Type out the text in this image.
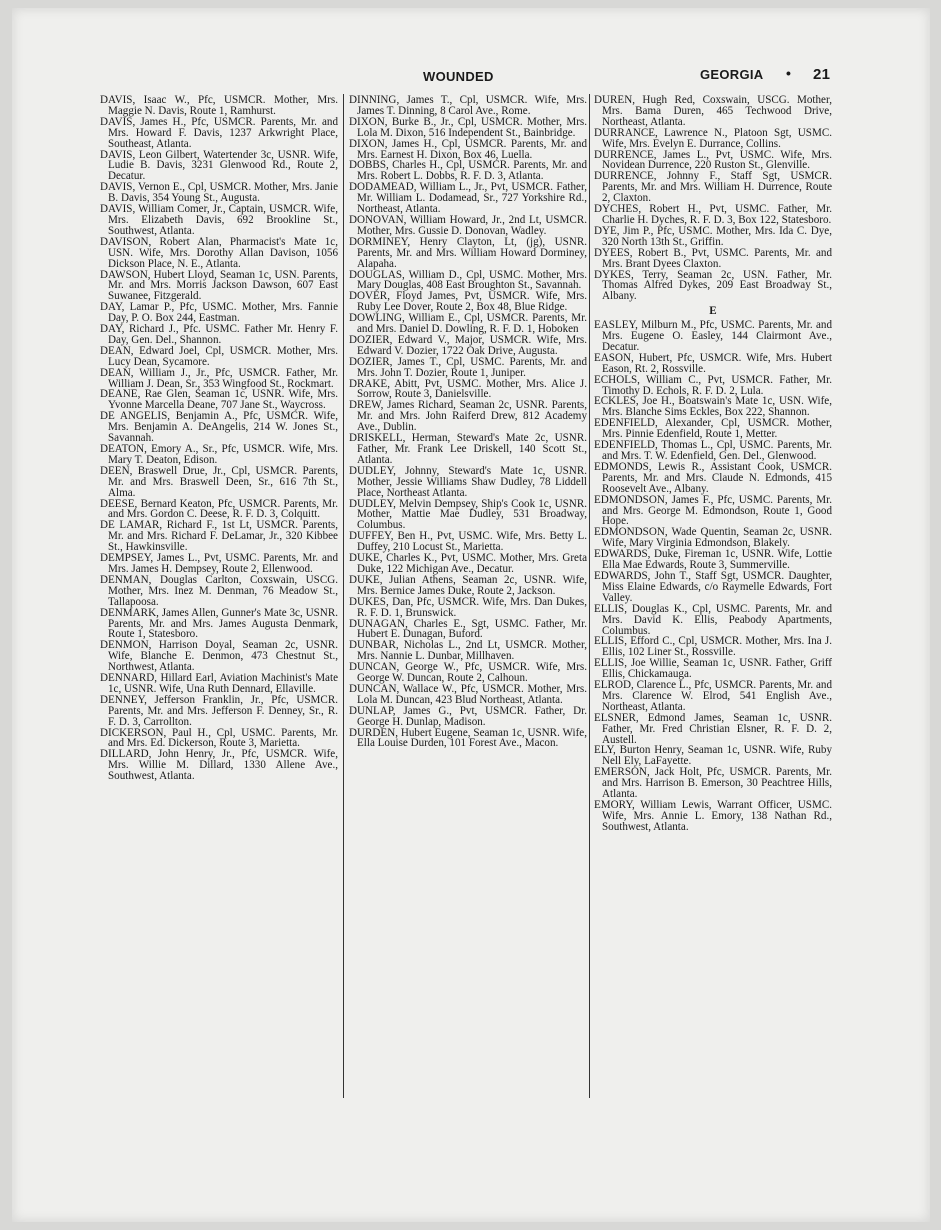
WOUNDED	GEORGIA • 21

DAVIS, Isaac W., Pfc, USMCR. Mother, Mrs. Maggie N. Davis, Route 1, Ramhurst.

DAVIS, James H., Pfc, USMCR. Parents, Mr. and Mrs. Howard F. Davis, 1237 Arkwright Place, Southeast, Atlanta.

DAVIS, Leon Gilbert, Watertender 3c, USNR. Wife, Ludie B. Davis, 3231 Glenwood Rd., Route 2, Decatur.

DAVIS, Vernon E., Cpl, USMCR. Mother, Mrs. Janie B. Davis, 354 Young St., Augusta.

DAVIS, William Comer, Jr., Captain, USMCR. Wife, Mrs. Elizabeth Davis, 692 Brookline St., Southwest, Atlanta.

DAVISON, Robert Alan, Pharmacist's Mate 1c, USN. Wife, Mrs. Dorothy Allan Davison, 1056 Dickson Place, N. E., Atlanta.

DAWSON, Hubert Lloyd, Seaman 1c, USN. Parents, Mr. and Mrs. Morris Jackson Dawson, 607 East Suwanee, Fitzgerald.

DAY, Lamar P., Pfc, USMC. Mother, Mrs. Fannie Day, P. O. Box 244, Eastman.

DAY, Richard J., Pfc. USMC. Father Mr. Henry F. Day, Gen. Del., Shannon.

DEAN, Edward Joel, Cpl, USMCR. Mother, Mrs. Lucy Dean, Sycamore.

DEAN, William J., Jr., Pfc, USMCR. Father, Mr. William J. Dean, Sr., 353 Wingfood St., Rockmart.

DEANE, Rae Glen, Seaman 1c, USNR. Wife, Mrs. Yvonne Marcella Deane, 707 Jane St., Waycross.

DE ANGELIS, Benjamin A., Pfc, USMCR. Wife, Mrs. Benjamin A. DeAngelis, 214 W. Jones St., Savannah.

DEATON, Emory A., Sr., Pfc, USMCR. Wife, Mrs. Mary T. Deaton, Edison.

DEEN, Braswell Drue, Jr., Cpl, USMCR. Parents, Mr. and Mrs. Braswell Deen, Sr., 616 7th St., Alma.

DEESE, Bernard Keaton, Pfc, USMCR. Parents, Mr. and Mrs. Gordon C. Deese, R. F. D. 3, Colquitt.

DE LAMAR, Richard F., 1st Lt, USMCR. Parents, Mr. and Mrs. Richard F. DeLamar, Jr., 320 Kibbee St., Hawkinsville.

DEMPSEY, James L., Pvt, USMC. Parents, Mr. and Mrs. James H. Dempsey, Route 2, Ellenwood.

DENMAN, Douglas Carlton, Coxswain, USCG. Mother, Mrs. Inez M. Denman, 76 Meadow St., Tallapoosa.

DENMARK, James Allen, Gunner's Mate 3c, USNR. Parents, Mr. and Mrs. James Augusta Denmark, Route 1, Statesboro.

DENMON, Harrison Doyal, Seaman 2c, USNR. Wife, Blanche E. Denmon, 473 Chestnut St., Northwest, Atlanta.

DENNARD, Hillard Earl, Aviation Machinist's Mate 1c, USNR. Wife, Una Ruth Dennard, Ellaville.

DENNEY, Jefferson Franklin, Jr., Pfc, USMCR. Parents, Mr. and Mrs. Jefferson F. Denney, Sr., R. F. D. 3, Carrollton.

DICKERSON, Paul H., Cpl, USMC. Parents, Mr. and Mrs. Ed. Dickerson, Route 3, Marietta.

DILLARD, John Henry, Jr., Pfc, USMCR. Wife, Mrs. Willie M. Dillard, 1330 Allene Ave., Southwest, Atlanta.

DINNING, James T., Cpl, USMCR. Wife, Mrs. James T. Dinning, 8 Carol Ave., Rome.

DIXON, Burke B., Jr., Cpl, USMCR. Mother, Mrs. Lola M. Dixon, 516 Independent St., Bainbridge.

DIXON, James H., Cpl, USMCR. Parents, Mr. and Mrs. Earnest H. Dixon, Box 46, Luella.

DOBBS, Charles H., Cpl, USMCR. Parents, Mr. and Mrs. Robert L. Dobbs, R. F. D. 3, Atlanta.

DODAMEAD, William L., Jr., Pvt, USMCR. Father, Mr. William L. Dodamead, Sr., 727 Yorkshire Rd., Northeast, Atlanta.

DONOVAN, William Howard, Jr., 2nd Lt, USMCR. Mother, Mrs. Gussie D. Donovan, Wadley.

DORMINEY, Henry Clayton, Lt, (jg), USNR. Parents, Mr. and Mrs. William Howard Dorminey, Alapaha.

DOUGLAS, William D., Cpl, USMC. Mother, Mrs. Mary Douglas, 408 East Broughton St., Savannah.

DOVER, Floyd James, Pvt, USMCR. Wife, Mrs. Ruby Lee Dover, Route 2, Box 48, Blue Ridge.

DOWLING, William E., Cpl, USMCR. Parents, Mr. and Mrs. Daniel D. Dowling, R. F. D. 1, Hoboken

DOZIER, Edward V., Major, USMCR. Wife, Mrs. Edward V. Dozier, 1722 Oak Drive, Augusta.

DOZIER, James T., Cpl, USMC. Parents, Mr. and Mrs. John T. Dozier, Route 1, Juniper.

DRAKE, Abitt, Pvt, USMC. Mother, Mrs. Alice J. Sorrow, Route 3, Danielsville.

DREW, James Richard, Seaman 2c, USNR. Parents, Mr. and Mrs. John Raiferd Drew, 812 Academy Ave., Dublin.

DRISKELL, Herman, Steward's Mate 2c, USNR. Father, Mr. Frank Lee Driskell, 140 Scott St., Atlanta.

DUDLEY, Johnny, Steward's Mate 1c, USNR. Mother, Jessie Williams Shaw Dudley, 78 Liddell Place, Northeast Atlanta.

DUDLEY, Melvin Dempsey, Ship's Cook 1c, USNR. Mother, Mattie Mae Dudley, 531 Broadway, Columbus.

DUFFEY, Ben H., Pvt, USMC. Wife, Mrs. Betty L. Duffey, 210 Locust St., Marietta.

DUKE, Charles K., Pvt, USMC. Mother, Mrs. Greta Duke, 122 Michigan Ave., Decatur.

DUKE, Julian Athens, Seaman 2c, USNR. Wife, Mrs. Bernice James Duke, Route 2, Jackson.

DUKES, Dan, Pfc, USMCR. Wife, Mrs. Dan Dukes, R. F. D. 1, Brunswick.

DUNAGAN, Charles E., Sgt, USMC. Father, Mr. Hubert E. Dunagan, Buford.

DUNBAR, Nicholas L., 2nd Lt, USMCR. Mother, Mrs. Nannie L. Dunbar, Millhaven.

DUNCAN, George W., Pfc, USMCR. Wife, Mrs. George W. Duncan, Route 2, Calhoun.

DUNCAN, Wallace W., Pfc, USMCR. Mother, Mrs. Lola M. Duncan, 423 Blud Northeast, Atlanta.

DUNLAP, James G., Pvt, USMCR. Father, Dr. George H. Dunlap, Madison.

DURDEN, Hubert Eugene, Seaman 1c, USNR. Wife, Ella Louise Durden, 101 Forest Ave., Macon.

DUREN, Hugh Red, Coxswain, USCG. Mother, Mrs. Bama Duren, 465 Techwood Drive, Northeast, Atlanta.

DURRANCE, Lawrence N., Platoon Sgt, USMC. Wife, Mrs. Evelyn E. Durrance, Collins.

DURRENCE, James L., Pvt, USMC. Wife, Mrs. Novidean Durrence, 220 Ruston St., Glenville.

DURRENCE, Johnny F., Staff Sgt, USMCR. Parents, Mr. and Mrs. William H. Durrence, Route 2, Claxton.

DYCHES, Robert H., Pvt, USMC. Father, Mr. Charlie H. Dyches, R. F. D. 3, Box 122, Statesboro.

DYE, Jim P., Pfc, USMC. Mother, Mrs. Ida C. Dye, 320 North 13th St., Griffin.

DYEES, Robert B., Pvt, USMC. Parents, Mr. and Mrs. Brant Dyees Claxton.

DYKES, Terry, Seaman 2c, USN. Father, Mr. Thomas Alfred Dykes, 209 East Broadway St., Albany.

E

EASLEY, Milburn M., Pfc, USMC. Parents, Mr. and Mrs. Eugene O. Easley, 144 Clairmont Ave., Decatur.

EASON, Hubert, Pfc, USMCR. Wife, Mrs. Hubert Eason, Rt. 2, Rossville.

ECHOLS, William C., Pvt, USMCR. Father, Mr. Timothy D. Echols, R. F. D. 2, Lula.

ECKLES, Joe H., Boatswain's Mate 1c, USN. Wife, Mrs. Blanche Sims Eckles, Box 222, Shannon.

EDENFIELD, Alexander, Cpl, USMCR. Mother, Mrs. Pinnie Edenfield, Route 1, Metter.

EDENFIELD, Thomas L., Cpl, USMC. Parents, Mr. and Mrs. T. W. Edenfield, Gen. Del., Glenwood.

EDMONDS, Lewis R., Assistant Cook, USMCR. Parents, Mr. and Mrs. Claude N. Edmonds, 415 Roosevelt Ave., Albany.

EDMONDSON, James F., Pfc, USMC. Parents, Mr. and Mrs. George M. Edmondson, Route 1, Good Hope.

EDMONDSON, Wade Quentin, Seaman 2c, USNR. Wife, Mary Virginia Edmondson, Blakely.

EDWARDS, Duke, Fireman 1c, USNR. Wife, Lottie Ella Mae Edwards, Route 3, Summerville.

EDWARDS, John T., Staff Sgt, USMCR. Daughter, Miss Elaine Edwards, c/o Raymelle Edwards, Fort Valley.

ELLIS, Douglas K., Cpl, USMC. Parents, Mr. and Mrs. David K. Ellis, Peabody Apartments, Columbus.

ELLIS, Efford C., Cpl, USMCR. Mother, Mrs. Ina J. Ellis, 102 Liner St., Rossville.

ELLIS, Joe Willie, Seaman 1c, USNR. Father, Griff Ellis, Chickamauga.

ELROD, Clarence L., Pfc, USMCR. Parents, Mr. and Mrs. Clarence W. Elrod, 541 English Ave., Northeast, Atlanta.

ELSNER, Edmond James, Seaman 1c, USNR. Father, Mr. Fred Christian Elsner, R. F. D. 2, Austell.

ELY, Burton Henry, Seaman 1c, USNR. Wife, Ruby Nell Ely, LaFayette.

EMERSON, Jack Holt, Pfc, USMCR. Parents, Mr. and Mrs. Harrison B. Emerson, 30 Peachtree Hills, Atlanta.

EMORY, William Lewis, Warrant Officer, USMC. Wife, Mrs. Annie L. Emory, 138 Nathan Rd., Southwest, Atlanta.
